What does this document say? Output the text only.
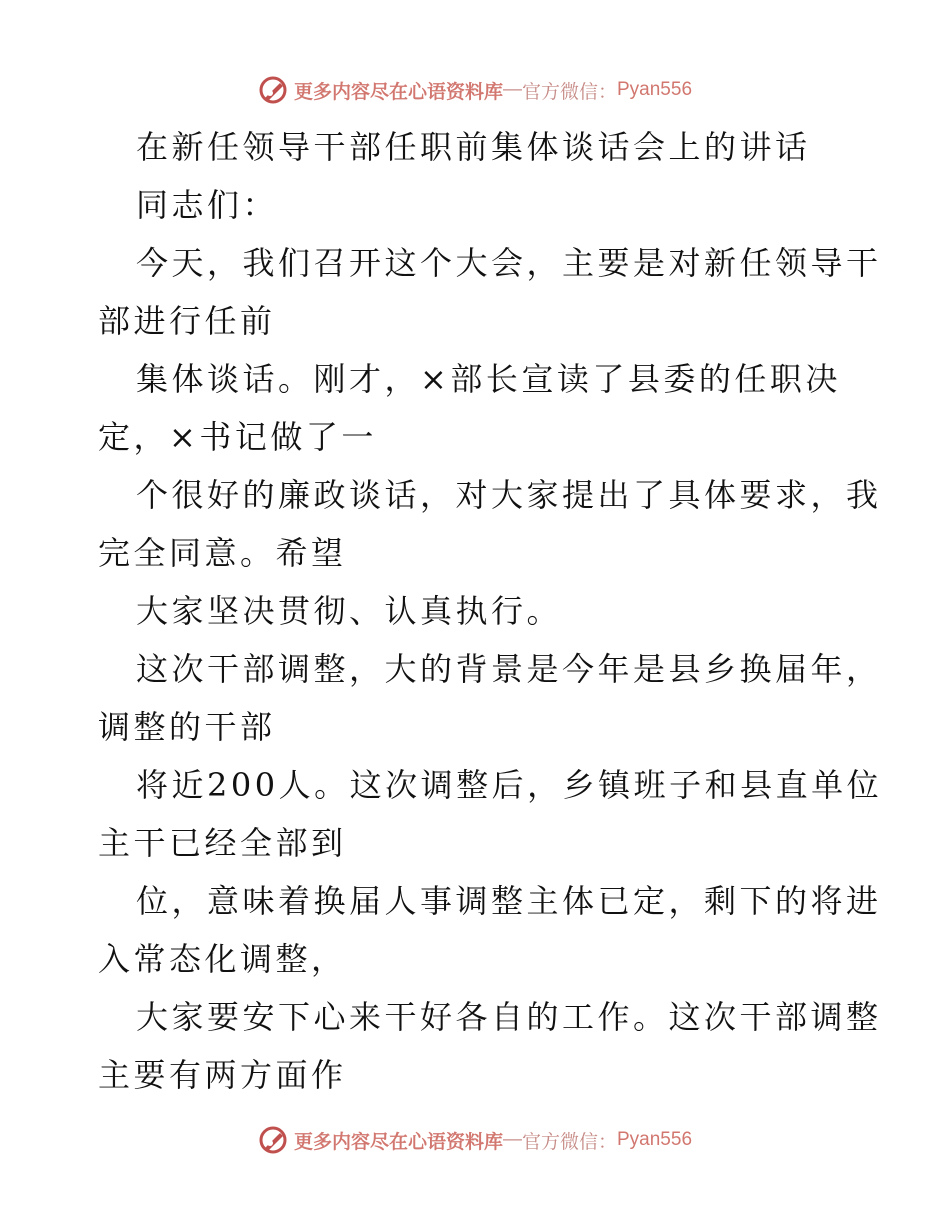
更多内容尽在心语资料库 — 官方微信： Pyan556
在新任领导干部任职前集体谈话会上的讲话
同志们：
今天，我们召开这个大会，主要是对新任领导干
部进行任前
集体谈话。刚才，×部长宣读了县委的任职决
定，×书记做了一
个很好的廉政谈话，对大家提出了具体要求，我
完全同意。希望
大家坚决贯彻、认真执行。
这次干部调整，大的背景是今年是县乡换届年，
调整的干部
将近200人。这次调整后，乡镇班子和县直单位
主干已经全部到
位，意味着换届人事调整主体已定，剩下的将进
入常态化调整，
大家要安下心来干好各自的工作。这次干部调整
主要有两方面作
更多内容尽在心语资料库 — 官方微信： Pyan556
